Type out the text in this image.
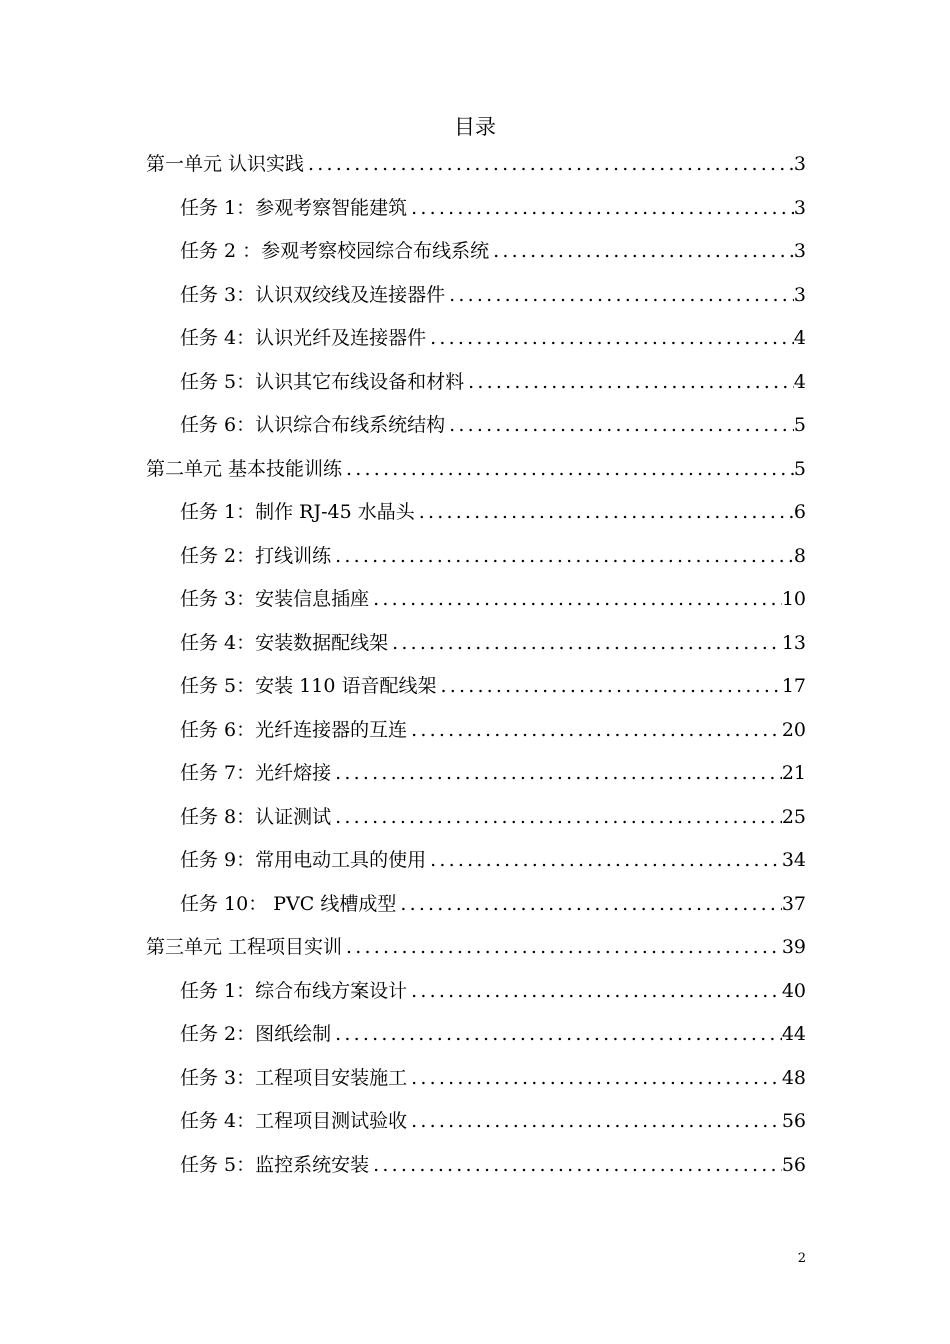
目录
第一单元 认识实践 .....	3
任务 1：参观考察智能建筑 .....	3
任务 2 ：参观考察校园综合布线系统 .....	3
任务 3：认识双绞线及连接器件 .....	3
任务 4：认识光纤及连接器件 .....	4
任务 5：认识其它布线设备和材料 .....	4
任务 6：认识综合布线系统结构 .....	5
第二单元 基本技能训练 .....	5
任务 1：制作 RJ-45 水晶头 .....	6
任务 2：打线训练 .....	8
任务 3：安装信息插座 .....	10
任务 4：安装数据配线架 .....	13
任务 5：安装 110 语音配线架 .....	17
任务 6：光纤连接器的互连 .....	20
任务 7：光纤熔接 .....	21
任务 8：认证测试 .....	25
任务 9：常用电动工具的使用 .....	34
任务 10： PVC 线槽成型 .....	37
第三单元 工程项目实训 .....	39
任务 1：综合布线方案设计 .....	40
任务 2：图纸绘制 .....	44
任务 3：工程项目安装施工 .....	48
任务 4：工程项目测试验收 .....	56
任务 5：监控系统安装 .....	56
2
